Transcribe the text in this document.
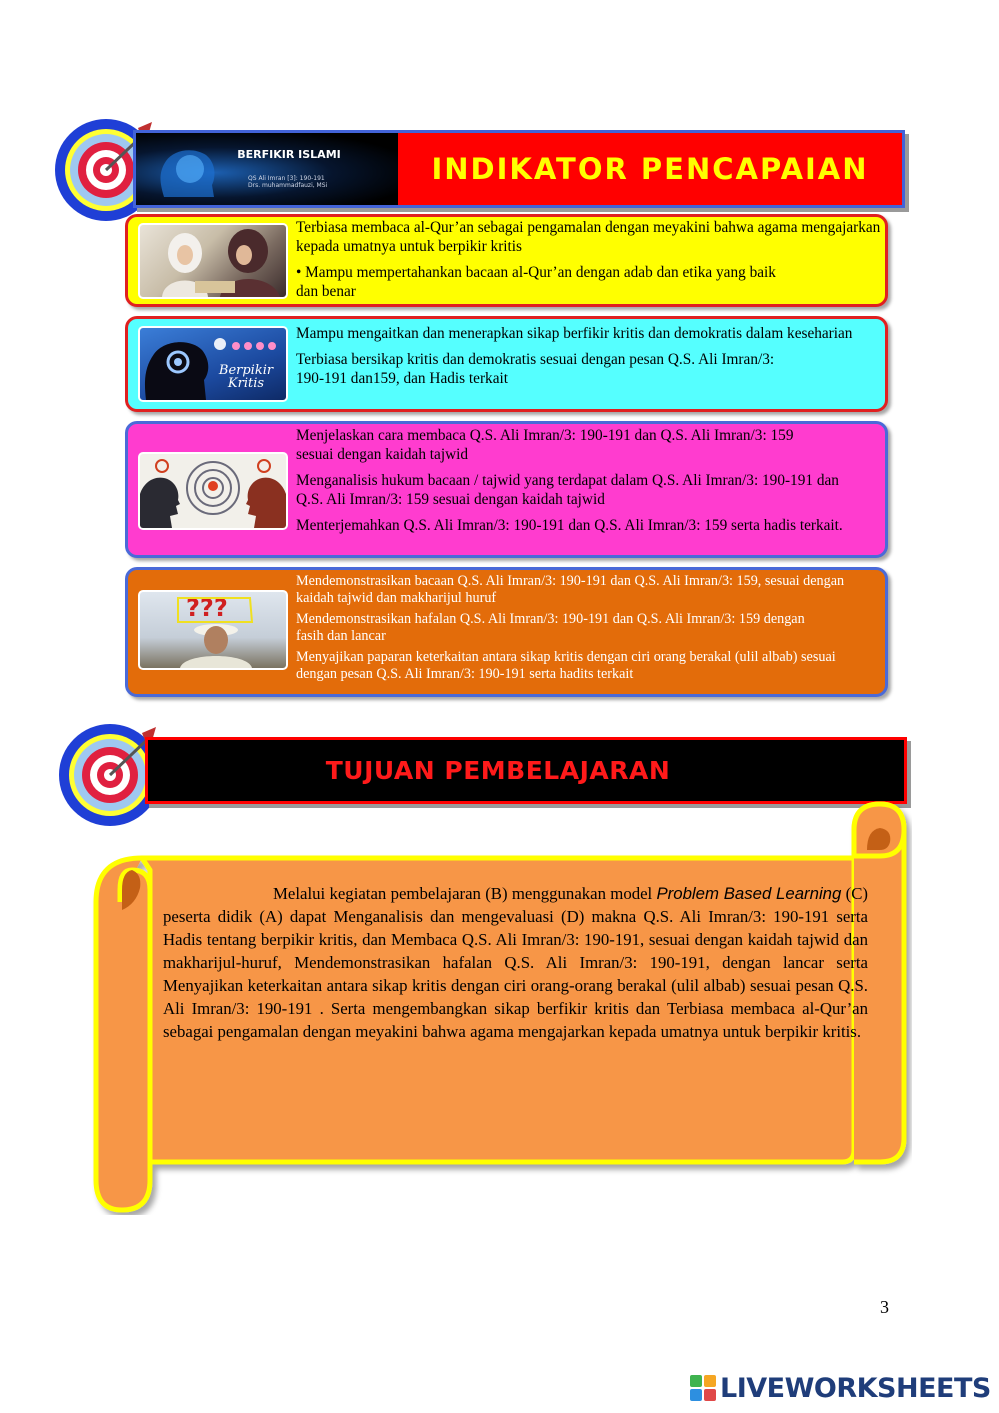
BERFIKIR ISLAMI
QS Ali Imran [3]: 190-191
Drs. muhammadfauzi, MSi	INDIKATOR PENCAPAIAN

Terbiasa membaca al-Qur’an sebagai pengamalan dengan meyakini bahwa agama mengajarkan kepada umatnya untuk berpikir kritis

• Mampu mempertahankan bacaan al-Qur’an dengan adab dan etika yang baik dan benar

Berpikir Kritis

Mampu mengaitkan dan menerapkan sikap berfikir kritis dan demokratis dalam keseharian

Terbiasa bersikap kritis dan demokratis sesuai dengan pesan Q.S. Ali Imran/3: 190-191 dan159, dan Hadis terkait

Menjelaskan cara membaca Q.S. Ali Imran/3: 190-191 dan Q.S. Ali Imran/3: 159 sesuai dengan kaidah tajwid

Menganalisis hukum bacaan / tajwid yang terdapat dalam Q.S. Ali Imran/3: 190-191 dan Q.S. Ali Imran/3: 159 sesuai dengan kaidah tajwid

Menterjemahkan Q.S. Ali Imran/3: 190-191 dan Q.S. Ali Imran/3: 159 serta hadis terkait.

???

Mendemonstrasikan bacaan Q.S. Ali Imran/3: 190-191 dan Q.S. Ali Imran/3: 159, sesuai dengan kaidah tajwid dan makharijul huruf

Mendemonstrasikan hafalan Q.S. Ali Imran/3: 190-191 dan Q.S. Ali Imran/3: 159 dengan fasih dan lancar

Menyajikan paparan keterkaitan antara sikap kritis dengan ciri orang berakal (ulil albab) sesuai dengan pesan Q.S. Ali Imran/3: 190-191 serta hadits terkait

TUJUAN PEMBELAJARAN
Melalui kegiatan pembelajaran (B) menggunakan model Problem Based Learning (C) peserta didik (A) dapat Menganalisis dan mengevaluasi (D) makna Q.S. Ali Imran/3: 190-191 serta Hadis tentang berpikir kritis, dan Membaca Q.S. Ali Imran/3: 190-191, sesuai dengan kaidah tajwid dan makharijul-huruf, Mendemonstrasikan hafalan Q.S. Ali Imran/3: 190-191, dengan lancar serta Menyajikan keterkaitan antara sikap kritis dengan ciri orang-orang berakal (ulil albab) sesuai pesan Q.S. Ali Imran/3: 190-191 . Serta mengembangkan sikap berfikir kritis dan Terbiasa membaca al-Qur’an sebagai pengamalan dengan meyakini bahwa agama mengajarkan kepada umatnya untuk berpikir kritis.
3
LIVEWORKSHEETS
